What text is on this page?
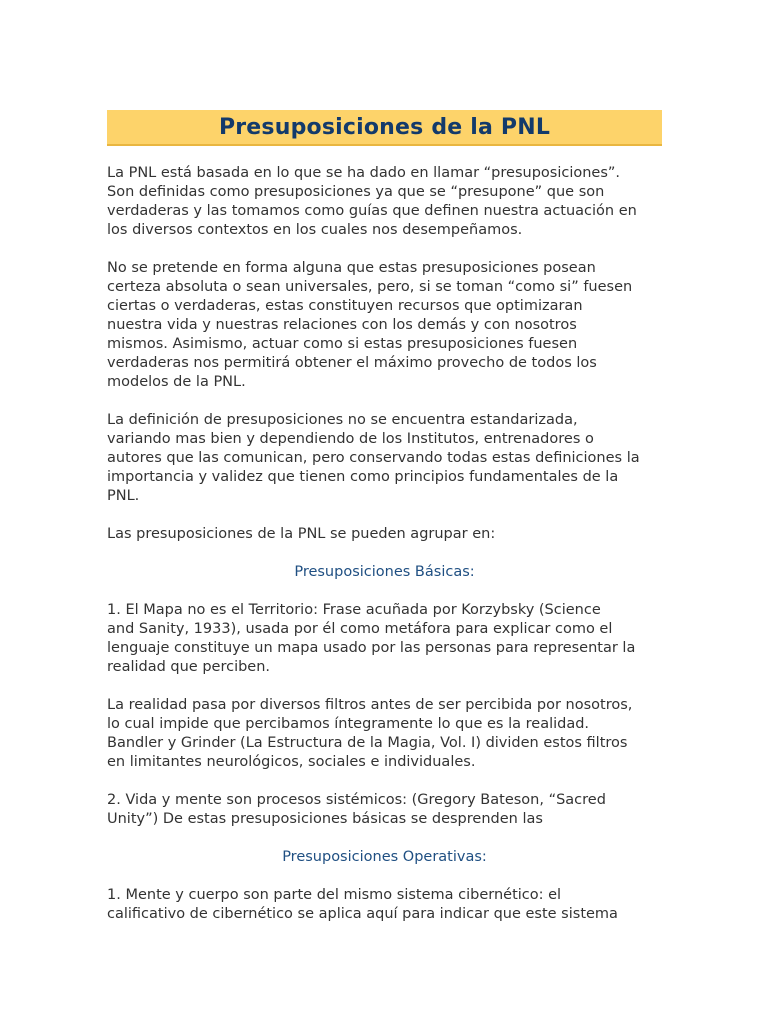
Presuposiciones de la PNL
La PNL está basada en lo que se ha dado en llamar “presuposiciones”.
Son definidas como presuposiciones ya que se “presupone” que son
verdaderas y las tomamos como guías que definen nuestra actuación en
los diversos contextos en los cuales nos desempeñamos.
No se pretende en forma alguna que estas presuposiciones posean
certeza absoluta o sean universales, pero, si se toman “como si” fuesen
ciertas o verdaderas, estas constituyen recursos que optimizaran
nuestra vida y nuestras relaciones con los demás y con nosotros
mismos. Asimismo, actuar como si estas presuposiciones fuesen
verdaderas nos permitirá obtener el máximo provecho de todos los
modelos de la PNL.
La definición de presuposiciones no se encuentra estandarizada,
variando mas bien y dependiendo de los Institutos, entrenadores o
autores que las comunican, pero conservando todas estas definiciones la
importancia y validez que tienen como principios fundamentales de la
PNL.
Las presuposiciones de la PNL se pueden agrupar en:
Presuposiciones Básicas:
1. El Mapa no es el Territorio: Frase acuñada por Korzybsky (Science
and Sanity, 1933), usada por él como metáfora para explicar como el
lenguaje constituye un mapa usado por las personas para representar la
realidad que perciben.
La realidad pasa por diversos filtros antes de ser percibida por nosotros,
lo cual impide que percibamos íntegramente lo que es la realidad.
Bandler y Grinder (La Estructura de la Magia, Vol. I) dividen estos filtros
en limitantes neurológicos, sociales e individuales.
2. Vida y mente son procesos sistémicos: (Gregory Bateson, “Sacred
Unity”) De estas presuposiciones básicas se desprenden las
Presuposiciones Operativas:
1. Mente y cuerpo son parte del mismo sistema cibernético: el
calificativo de cibernético se aplica aquí para indicar que este sistema
